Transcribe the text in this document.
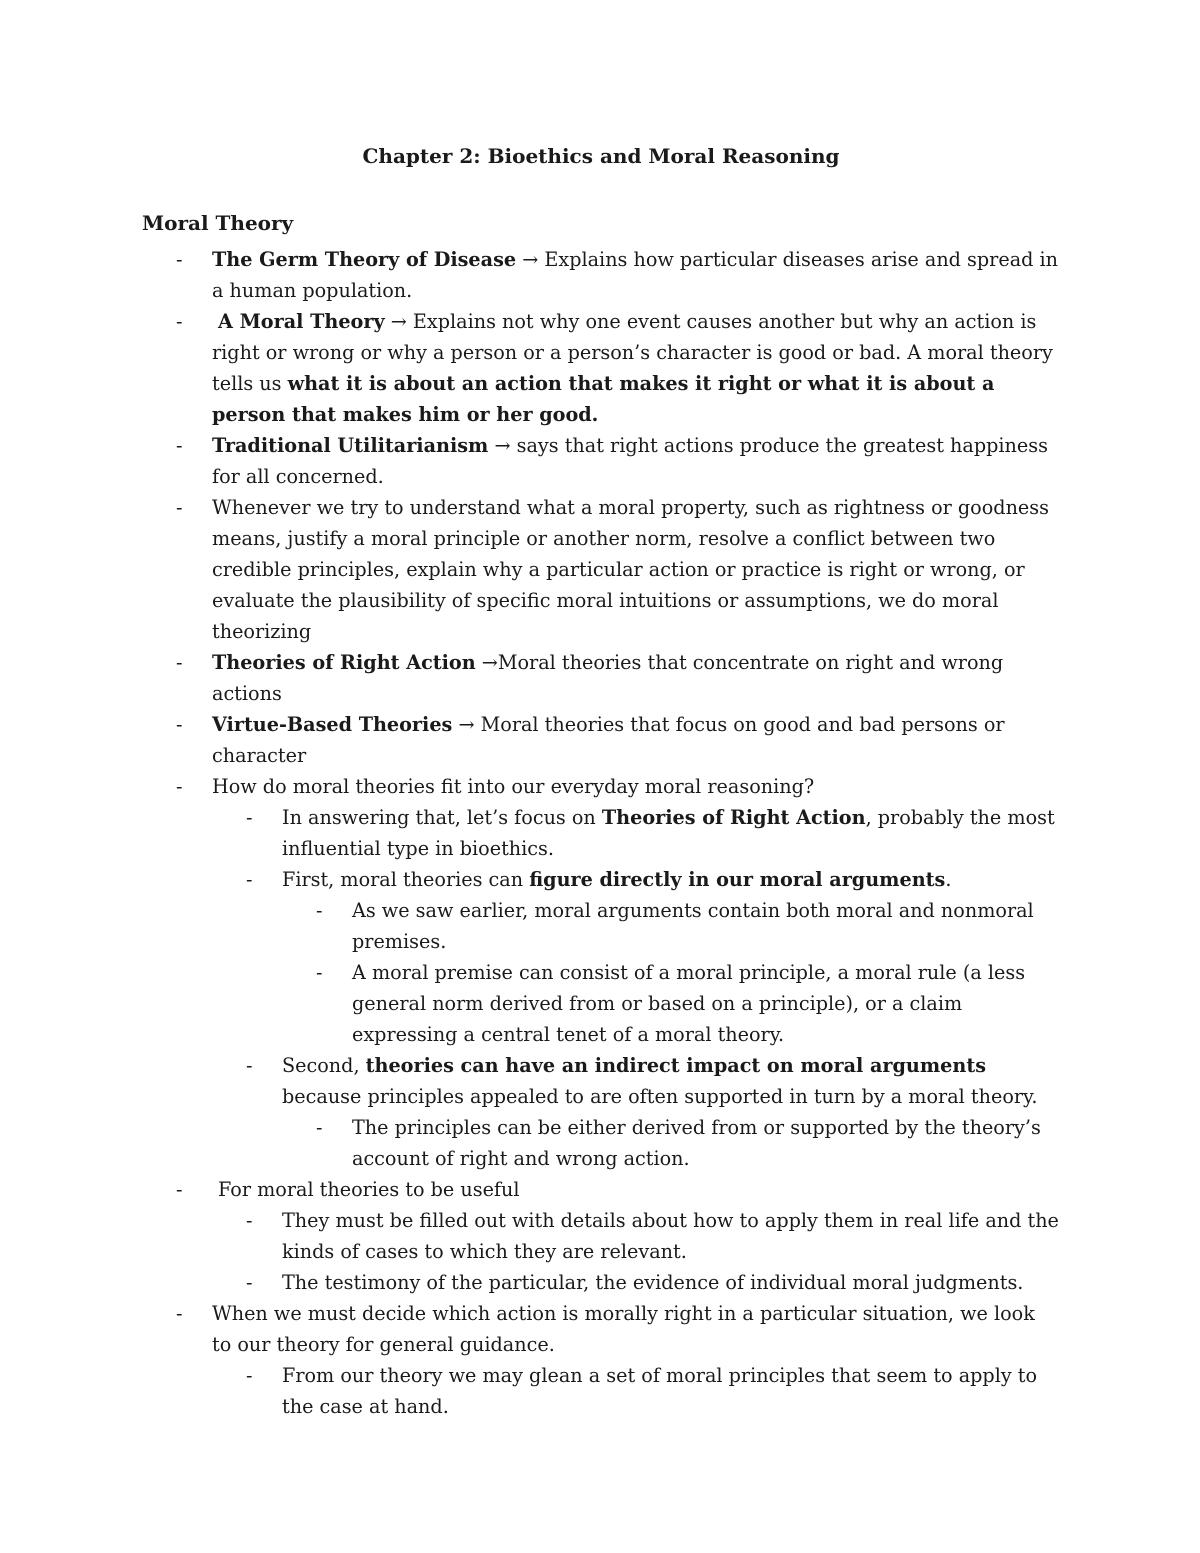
Chapter 2: Bioethics and Moral Reasoning
Moral Theory
- The Germ Theory of Disease → Explains how particular diseases arise and spread in a human population.
- A Moral Theory → Explains not why one event causes another but why an action is right or wrong or why a person or a person’s character is good or bad. A moral theory tells us what it is about an action that makes it right or what it is about a person that makes him or her good.
- Traditional Utilitarianism → says that right actions produce the greatest happiness for all concerned.
- Whenever we try to understand what a moral property, such as rightness or goodness means, justify a moral principle or another norm, resolve a conflict between two credible principles, explain why a particular action or practice is right or wrong, or evaluate the plausibility of specific moral intuitions or assumptions, we do moral theorizing
- Theories of Right Action →Moral theories that concentrate on right and wrong actions
- Virtue-Based Theories → Moral theories that focus on good and bad persons or character
- How do moral theories fit into our everyday moral reasoning?
- In answering that, let’s focus on Theories of Right Action, probably the most influential type in bioethics.
- First, moral theories can figure directly in our moral arguments.
- As we saw earlier, moral arguments contain both moral and nonmoral premises.
- A moral premise can consist of a moral principle, a moral rule (a less general norm derived from or based on a principle), or a claim expressing a central tenet of a moral theory.
- Second, theories can have an indirect impact on moral arguments because principles appealed to are often supported in turn by a moral theory.
- The principles can be either derived from or supported by the theory’s account of right and wrong action.
- For moral theories to be useful
- They must be filled out with details about how to apply them in real life and the kinds of cases to which they are relevant.
- The testimony of the particular, the evidence of individual moral judgments.
- When we must decide which action is morally right in a particular situation, we look to our theory for general guidance.
- From our theory we may glean a set of moral principles that seem to apply to the case at hand.
